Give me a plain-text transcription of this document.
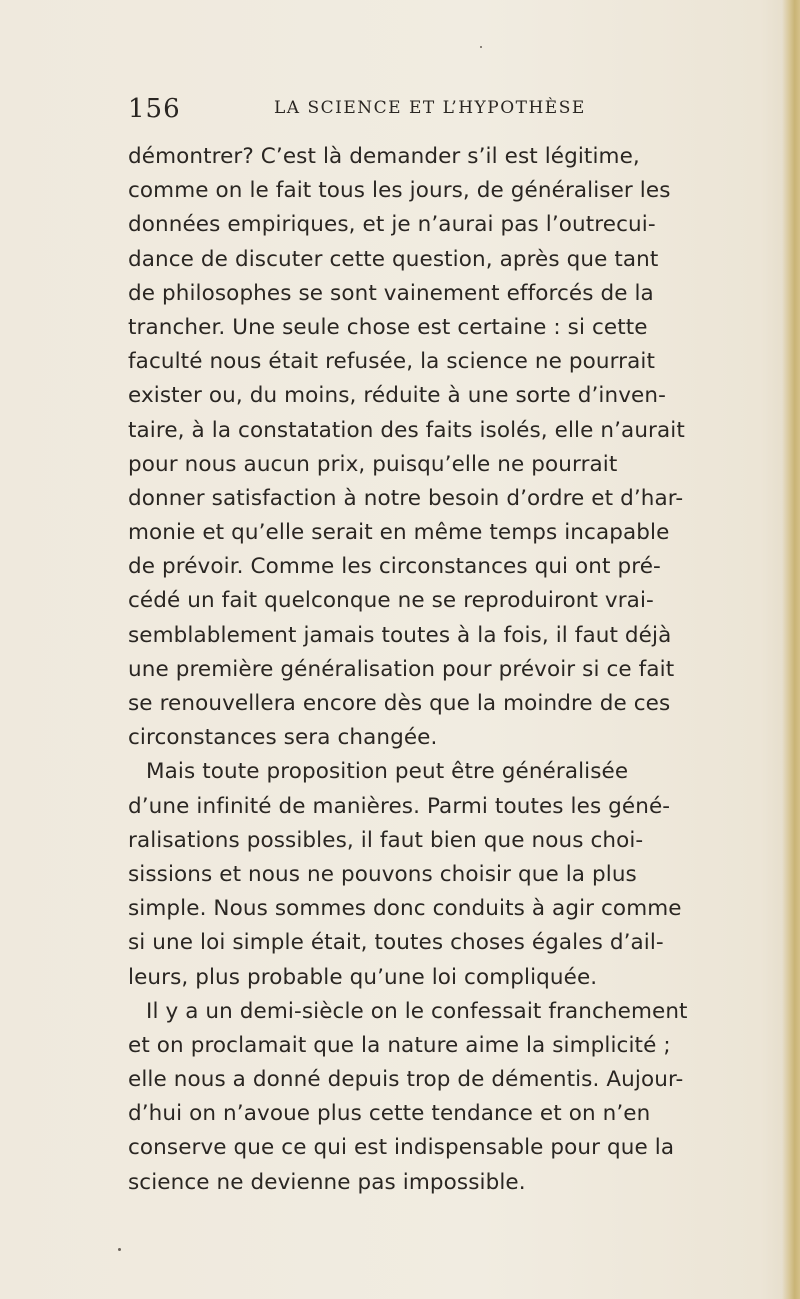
156	LA SCIENCE ET L’HYPOTHÈSE
démontrer? C’est là demander s’il est légitime,
comme on le fait tous les jours, de généraliser les
données empiriques, et je n’aurai pas l’outrecui-
dance de discuter cette question, après que tant
de philosophes se sont vainement efforcés de la
trancher. Une seule chose est certaine : si cette
faculté nous était refusée, la science ne pourrait
exister ou, du moins, réduite à une sorte d’inven-
taire, à la constatation des faits isolés, elle n’aurait
pour nous aucun prix, puisqu’elle ne pourrait
donner satisfaction à notre besoin d’ordre et d’har-
monie et qu’elle serait en même temps incapable
de prévoir. Comme les circonstances qui ont pré-
cédé un fait quelconque ne se reproduiront vrai-
semblablement jamais toutes à la fois, il faut déjà
une première généralisation pour prévoir si ce fait
se renouvellera encore dès que la moindre de ces
circonstances sera changée.
Mais toute proposition peut être généralisée
d’une infinité de manières. Parmi toutes les géné-
ralisations possibles, il faut bien que nous choi-
sissions et nous ne pouvons choisir que la plus
simple. Nous sommes donc conduits à agir comme
si une loi simple était, toutes choses égales d’ail-
leurs, plus probable qu’une loi compliquée.
Il y a un demi-siècle on le confessait franchement
et on proclamait que la nature aime la simplicité ;
elle nous a donné depuis trop de démentis. Aujour-
d’hui on n’avoue plus cette tendance et on n’en
conserve que ce qui est indispensable pour que la
science ne devienne pas impossible.
